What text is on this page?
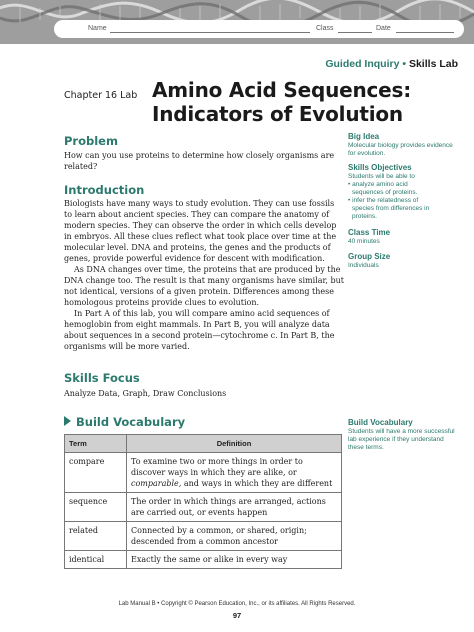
Name	Class	Date
Guided Inquiry • Skills Lab
Chapter 16 Lab Amino Acid Sequences:
Indicators of Evolution
Problem
How can you use proteins to determine how closely organisms are related?
Introduction

Biologists have many ways to study evolution. They can use fossils to learn about ancient species. They can compare the anatomy of modern species. They can observe the order in which cells develop in embryos. All these clues reflect what took place over time at the molecular level. DNA and proteins, the genes and the products of genes, provide powerful evidence for descent with modification.

As DNA changes over time, the proteins that are produced by the DNA change too. The result is that many organisms have similar, but not identical, versions of a given protein. Differences among these homologous proteins provide clues to evolution.

In Part A of this lab, you will compare amino acid sequences of hemoglobin from eight mammals. In Part B, you will analyze data about sequences in a second protein—cytochrome c. In Part B, the organisms will be more varied.

Skills Focus
Analyze Data, Graph, Draw Conclusions
Build Vocabulary
Term	Definition
compare	To examine two or more things in order to discover ways in which they are alike, or comparable, and ways in which they are different
sequence	The order in which things are arranged, actions are carried out, or events happen
related	Connected by a common, or shared, origin; descended from a common ancestor
identical	Exactly the same or alike in every way
Big Idea
Molecular biology provides evidence for evolution.
Skills Objectives
Students will be able to
• analyze amino acid
sequences of proteins.
• infer the relatedness of
species from differences in
proteins.
Class Time
40 minutes
Group Size
Individuals
Build Vocabulary
Students will have a more successful lab experience if they understand these terms.
Lab Manual B • Copyright © Pearson Education, Inc., or its affiliates. All Rights Reserved.
97
